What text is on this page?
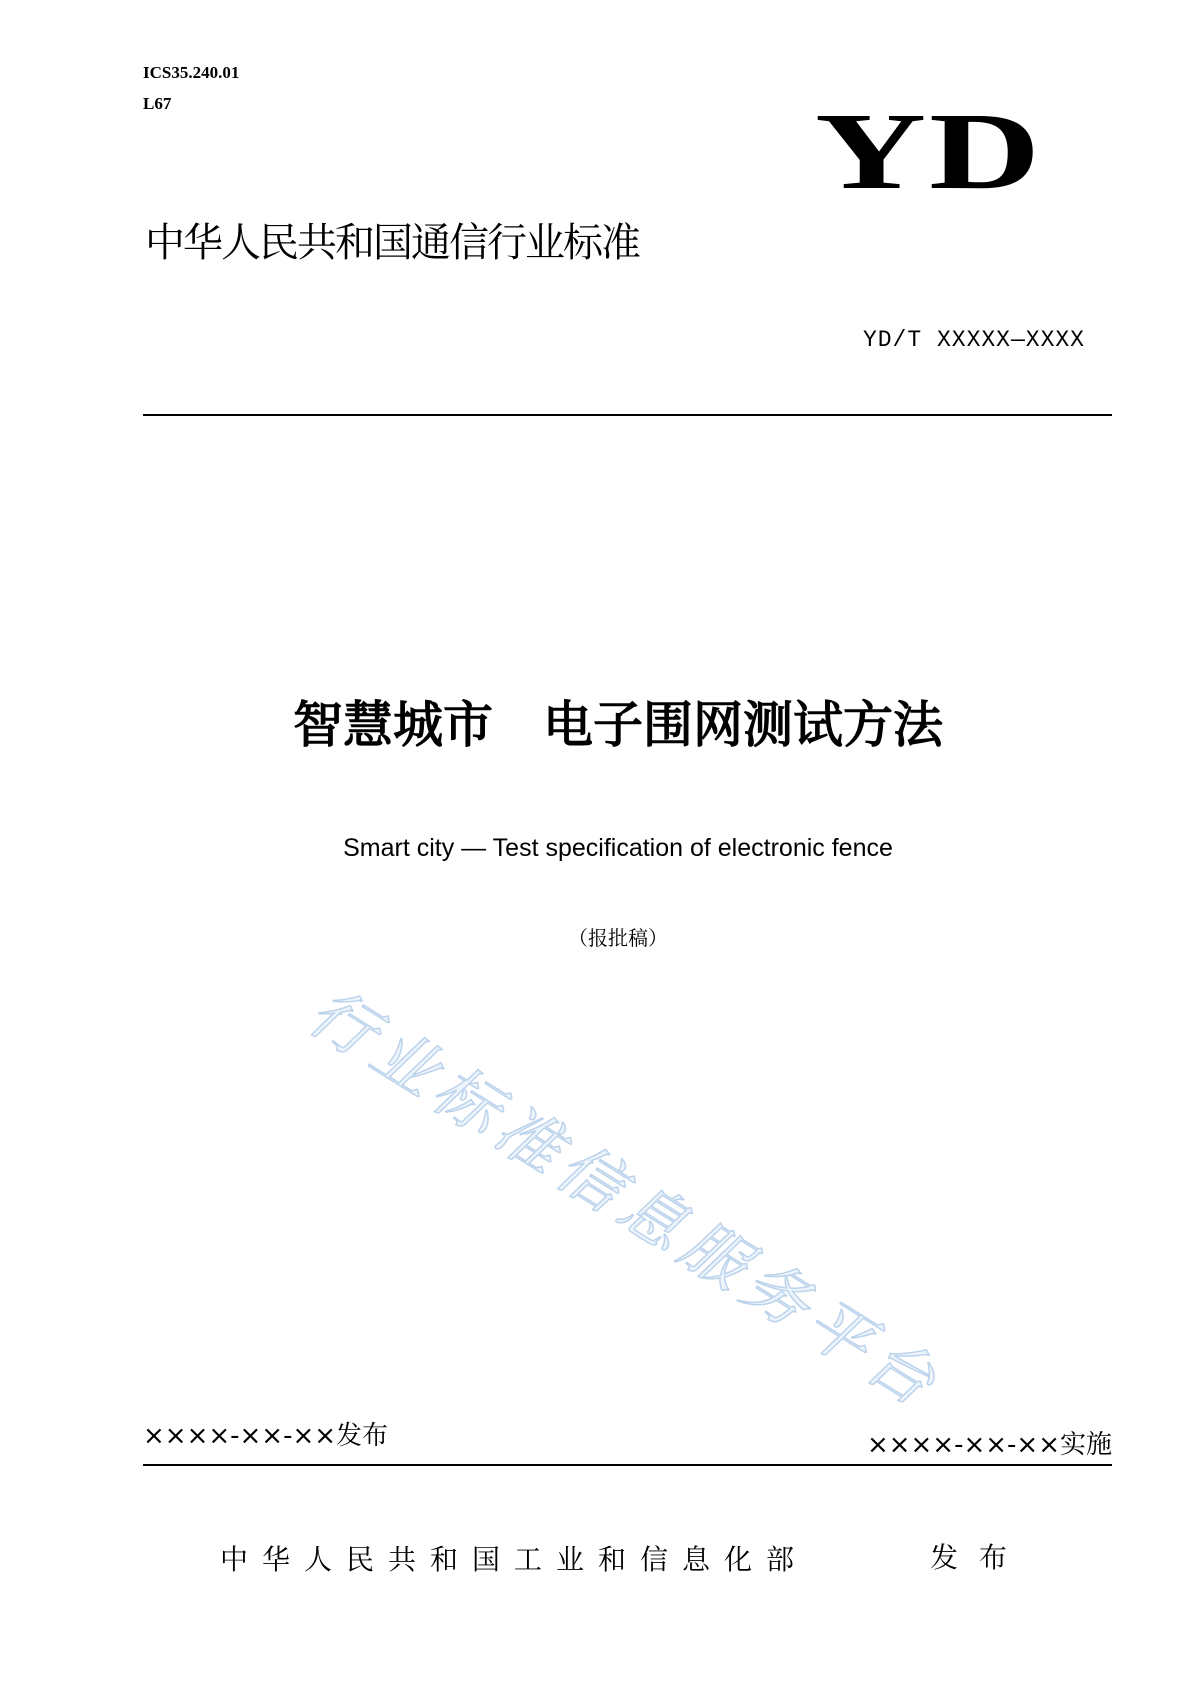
ICS35.240.01
L67	YD
中华人民共和国通信行业标准
YD/T XXXXX—XXXX
智慧城市　电子围网测试方法
Smart city — Test specification of electronic fence
（报批稿）
行业标准信息服务平台
××××-××-××发布	××××-××-××实施
中华人民共和国工业和信息化部	发 布
